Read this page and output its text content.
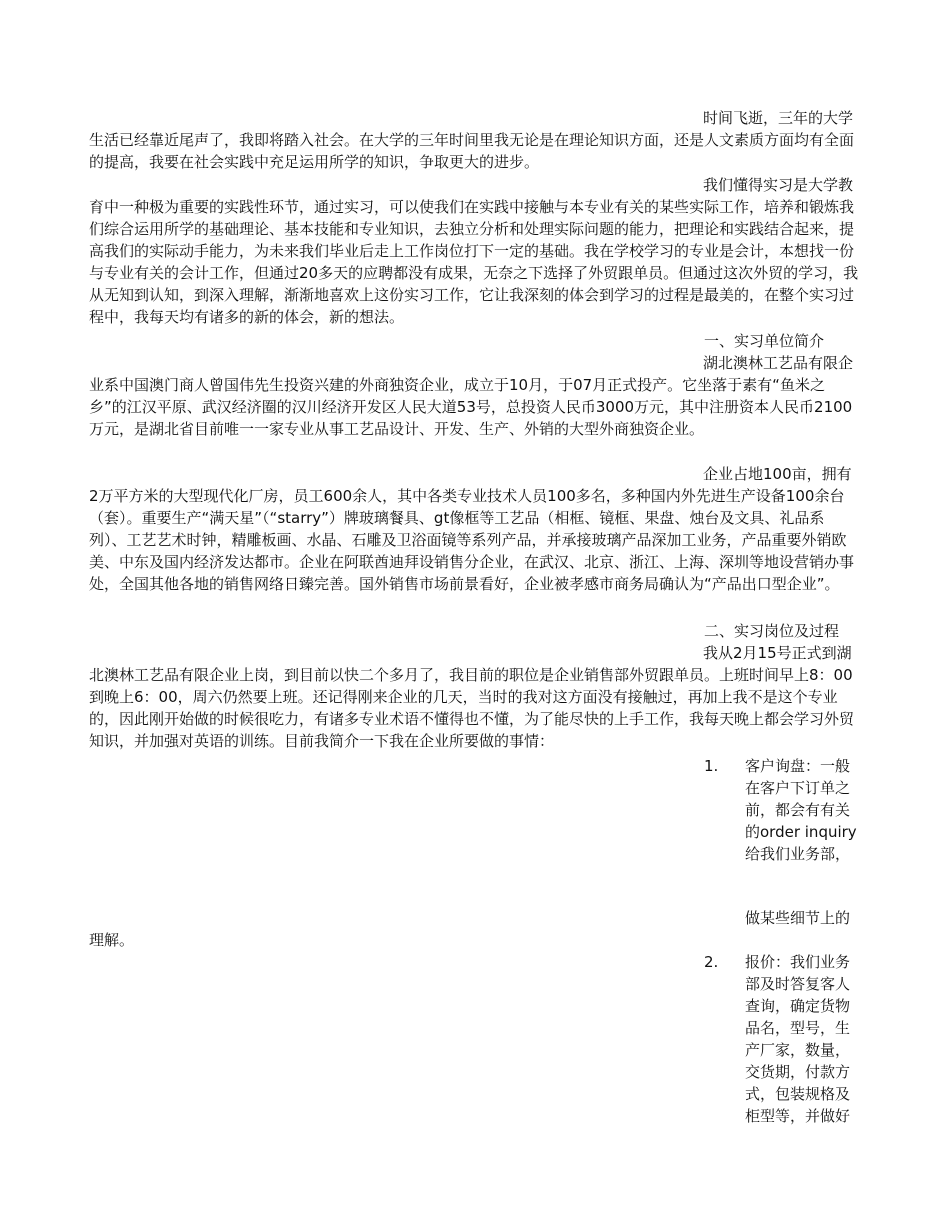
时间飞逝，三年的大学生活已经靠近尾声了，我即将踏入社会。在大学的三年时间里我无论是在理论知识方面，还是人文素质方面均有全面的提高，我要在社会实践中充足运用所学的知识，争取更大的进步。

我们懂得实习是大学教育中一种极为重要的实践性环节，通过实习，可以使我们在实践中接触与本专业有关的某些实际工作，培养和锻炼我们综合运用所学的基础理论、基本技能和专业知识，去独立分析和处理实际问题的能力，把理论和实践结合起来，提高我们的实际动手能力，为未来我们毕业后走上工作岗位打下一定的基础。我在学校学习的专业是会计，本想找一份与专业有关的会计工作，但通过20多天的应聘都没有成果，无奈之下选择了外贸跟单员。但通过这次外贸的学习，我从无知到认知，到深入理解，渐渐地喜欢上这份实习工作，它让我深刻的体会到学习的过程是最美的，在整个实习过程中，我每天均有诸多的新的体会，新的想法。

一、实习单位简介

湖北澳林工艺品有限企业系中国澳门商人曾国伟先生投资兴建的外商独资企业，成立于10月，于07月正式投产。它坐落于素有“鱼米之乡”的江汉平原、武汉经济圈的汉川经济开发区人民大道53号，总投资人民币3000万元，其中注册资本人民币2100万元，是湖北省目前唯一一家专业从事工艺品设计、开发、生产、外销的大型外商独资企业。

企业占地100亩，拥有2万平方米的大型现代化厂房，员工600余人，其中各类专业技术人员100多名，多种国内外先进生产设备100余台（套）。重要生产“满天星”（“starry”）牌玻璃餐具、gt像框等工艺品（相框、镜框、果盘、烛台及文具、礼品系列）、工艺艺术时钟，精雕板画、水晶、石雕及卫浴面镜等系列产品，并承接玻璃产品深加工业务，产品重要外销欧美、中东及国内经济发达都市。企业在阿联酋迪拜设销售分企业，在武汉、北京、浙江、上海、深圳等地设营销办事处，全国其他各地的销售网络日臻完善。国外销售市场前景看好，企业被孝感市商务局确认为“产品出口型企业”。

二、实习岗位及过程

我从2月15号正式到湖北澳林工艺品有限企业上岗，到目前以快二个多月了，我目前的职位是企业销售部外贸跟单员。上班时间早上8：00到晚上6：00，周六仍然要上班。还记得刚来企业的几天，当时的我对这方面没有接触过，再加上我不是这个专业的，因此刚开始做的时候很吃力，有诸多专业术语不懂得也不懂，为了能尽快的上手工作，我每天晚上都会学习外贸知识，并加强对英语的训练。目前我简介一下我在企业所要做的事情：

1.	客户询盘：一般在客户下订单之前，都会有有关的order inquiry给我们业务部，

做某些细节上的

理解。

2.	报价：我们业务部及时答复客人查询，确定货物品名，型号，生产厂家，数量，交货期，付款方式，包装规格及柜型等，并做好
